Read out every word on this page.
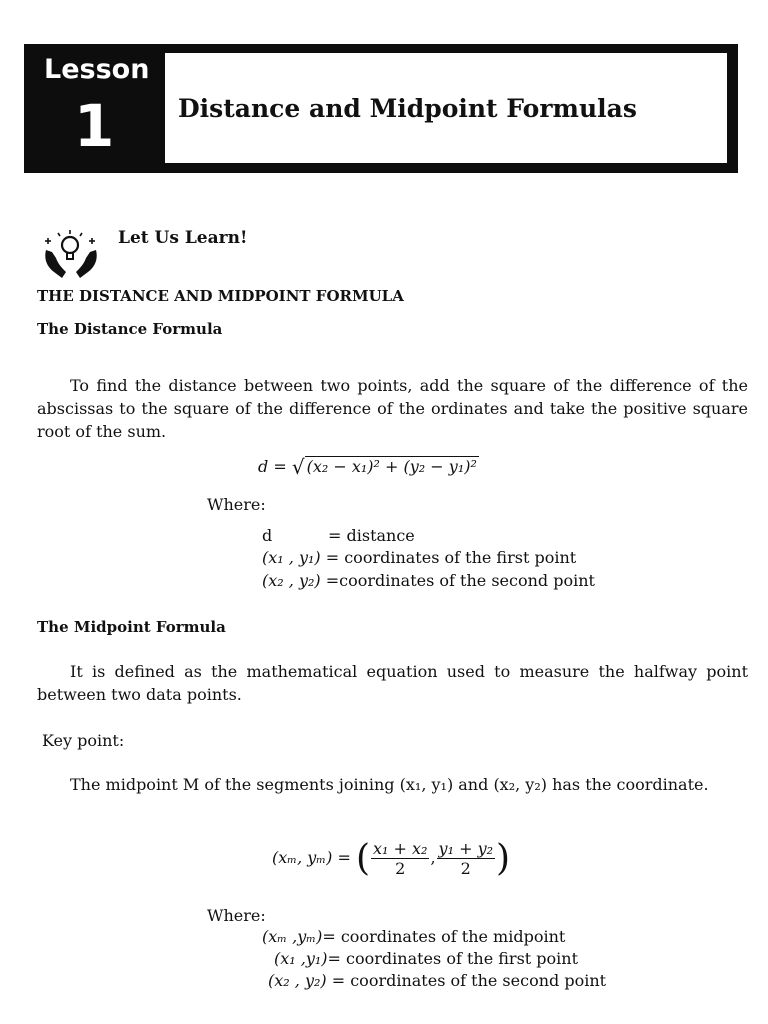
Lesson
1	Distance and Midpoint Formulas
Let Us Learn!
THE DISTANCE AND MIDPOINT FORMULA
The Distance Formula
To find the distance between two points, add the square of the difference of the abscissas to the square of the difference of the ordinates and take the positive square root of the sum.
d = √ (x₂ − x₁)² + (y₂ − y₁)²
Where:
d	= distance
(x₁ , y₁) = coordinates of the first point
(x₂ , y₂) =coordinates of the second point
The Midpoint Formula
It is defined as the mathematical equation used to measure the halfway point between two data points.
Key point:
The midpoint M of the segments joining (x₁, y₁) and (x₂, y₂) has the coordinate.
(xₘ, yₘ) = ( $\frac{\text{x₁ + x₂}}{2}$ , $\frac{\text{y₁ + y₂}}{2}$ )
Where:
(xₘ ,yₘ)= coordinates of the midpoint
(x₁ ,y₁)= coordinates of the first point
(x₂ , y₂) = coordinates of the second point
